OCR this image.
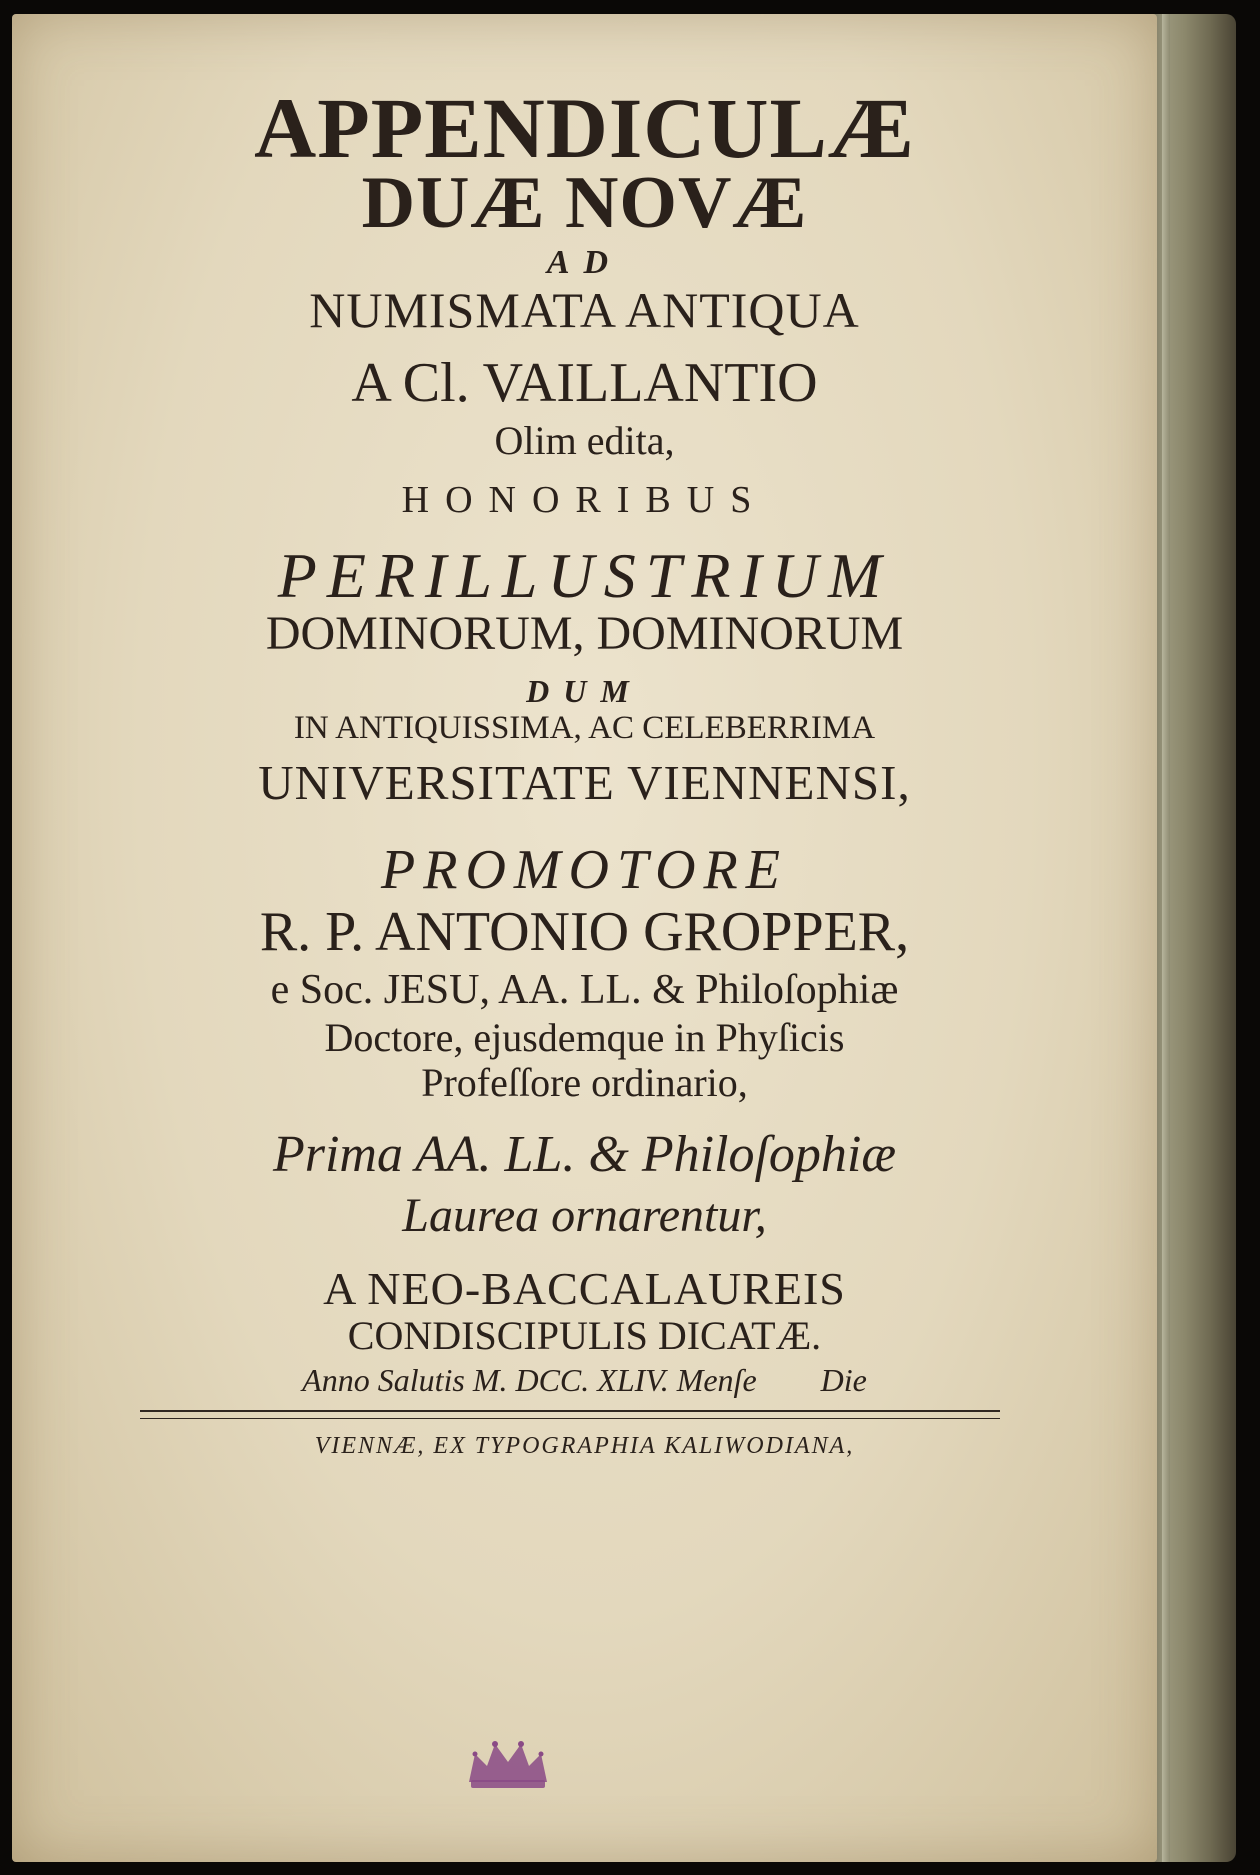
APPENDICULÆ
DUÆ NOVÆ
AD
NUMISMATA ANTIQUA
A Cl. VAILLANTIO
Olim edita,
HONORIBUS
PERILLUSTRIUM
DOMINORUM, DOMINORUM
DUM
IN ANTIQUISSIMA, AC CELEBERRIMA
UNIVERSITATE VIENNENSI,
PROMOTORE
R. P. ANTONIO GROPPER,
e Soc. JESU, AA. LL. & Philoſophiæ
Doctore, ejusdemque in Phyſicis
Profeſſore ordinario,
Prima AA. LL. & Philoſophiæ
Laurea ornarentur,
A NEO-BACCALAUREIS
CONDISCIPULIS DICATÆ.
Anno Salutis M. DCC. XLIV. Menſe        Die
VIENNÆ, EX TYPOGRAPHIA KALIWODIANA,
